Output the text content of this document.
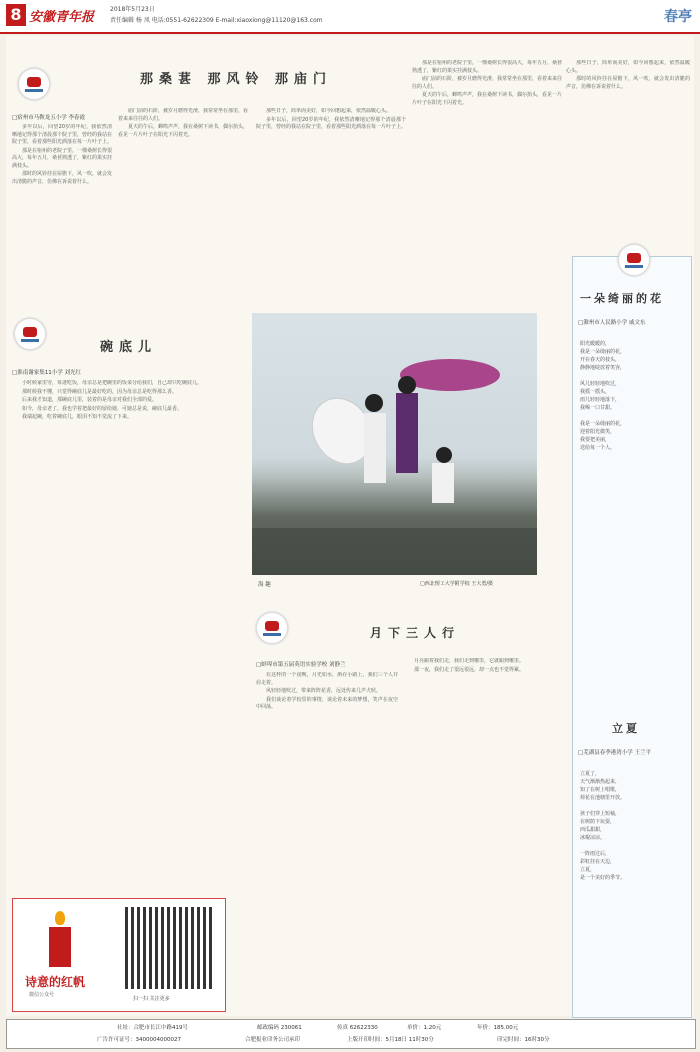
8 安徽青年报
2018年5月23日
责任编辑 杨 凤 电话:0551-62622309 E-mail:xiaoxiong@11120@163.com	春亭
那桑葚 那风铃 那庙门
□宿州市马鞍龙五小学 李春霞

多年以后，回望20岁的年纪，我依然清晰地记得那个清晨那个院子里，曾经的我站在院子里，看着那些阳光洒落在每一片叶子上。

那是在宿州的老院子里，一棵桑树长得很高大，每年五月，桑葚熟透了，紫红的果实挂满枝头。

那时的风铃挂在屋檐下，风一吹，就会发出清脆的声音，仿佛在诉说着什么。

庙门前的石阶，被岁月磨得光滑，我常常坐在那里，看着来来往往的人们。

夏天的午后，蝉鸣声声，我在桑树下读书，偶尔抬头，看见一片片叶子在阳光下闪着光。

那些日子，简单而美好，如今回想起来，依然温暖心头。

多年以后，回望20岁的年纪，我依然清晰地记得那个清晨那个院子里，曾经的我站在院子里，看着那些阳光洒落在每一片叶子上。

那是在宿州的老院子里，一棵桑树长得很高大，每年五月，桑葚熟透了，紫红的果实挂满枝头。

庙门前的石阶，被岁月磨得光滑，我常常坐在那里，看着来来往往的人们。

夏天的午后，蝉鸣声声，我在桑树下读书，偶尔抬头，看见一片片叶子在阳光下闪着光。

那些日子，简单而美好，如今回想起来，依然温暖心头。

那时的风铃挂在屋檐下，风一吹，就会发出清脆的声音，仿佛在诉说着什么。

碗底儿
□淮南谢家集11小学 刘光红

小时候家里穷，每逢吃饭，母亲总是把碗里的饭菜分给我们，自己却只吃碗底儿。

那时候我不懂，只觉得碗底儿是最好吃的，因为母亲总是吃得那么香。

后来我才知道，那碗底儿里，装着的是母亲对我们全部的爱。

如今，母亲老了，我也学着把最好的留给她，可她总是说，碗底儿最香。

我端起碗，吃着碗底儿，眼泪不知不觉流了下来。

海 趣	□西北理工大学附学校 王大勇/摄
月下三人行
□蚌埠市第五届英语实验学校 刘静兰

在这样的一个夜晚，月光如水，洒在小路上，我们三个人并肩走着。

风轻轻地吹过，带来阵阵花香，远处传来几声犬吠。

我们谈论着学校里的事情，谈论着未来的梦想，笑声在夜空中回荡。

月亮跟着我们走，我们走到哪里，它就跟到哪里。

那一夜，我们走了很远很远，却一点也不觉得累。

一朵绮丽的花
□滁州市人民路小学 戚文东
阳光暖暖的，
我是一朵绮丽的花，
开在春天的枝头，
静静地绽放着笑容，

风儿轻轻地吹过，
我摇一摇头，
雨儿轻轻地落下，
我喝一口甘甜。

我是一朵绮丽的花，
迎着阳光微笑，
我要把美丽，
送给每一个人。
立夏
□芜湖县春季港湾小学 王兰平
立夏了，
天气渐渐热起来，
知了在树上唱歌，
荷花在池塘里开放。

孩子们穿上短袖，
在树荫下玩耍，
西瓜甜甜，
冰棍凉凉。

一阵雨过后，
彩虹挂在天边，
立夏，
是一个美好的季节。
诗意的红帆
微信公众号
扫一扫 关注更多
社址：合肥市长江中路419号	邮政编码 230061	传真 62622330	单价：1.20元	年价：185.00元
广告许可证号：3400004000027	合肥报业印务公司承印	上版开印时间：5月18日 11时30分	印完时间：16时30分
